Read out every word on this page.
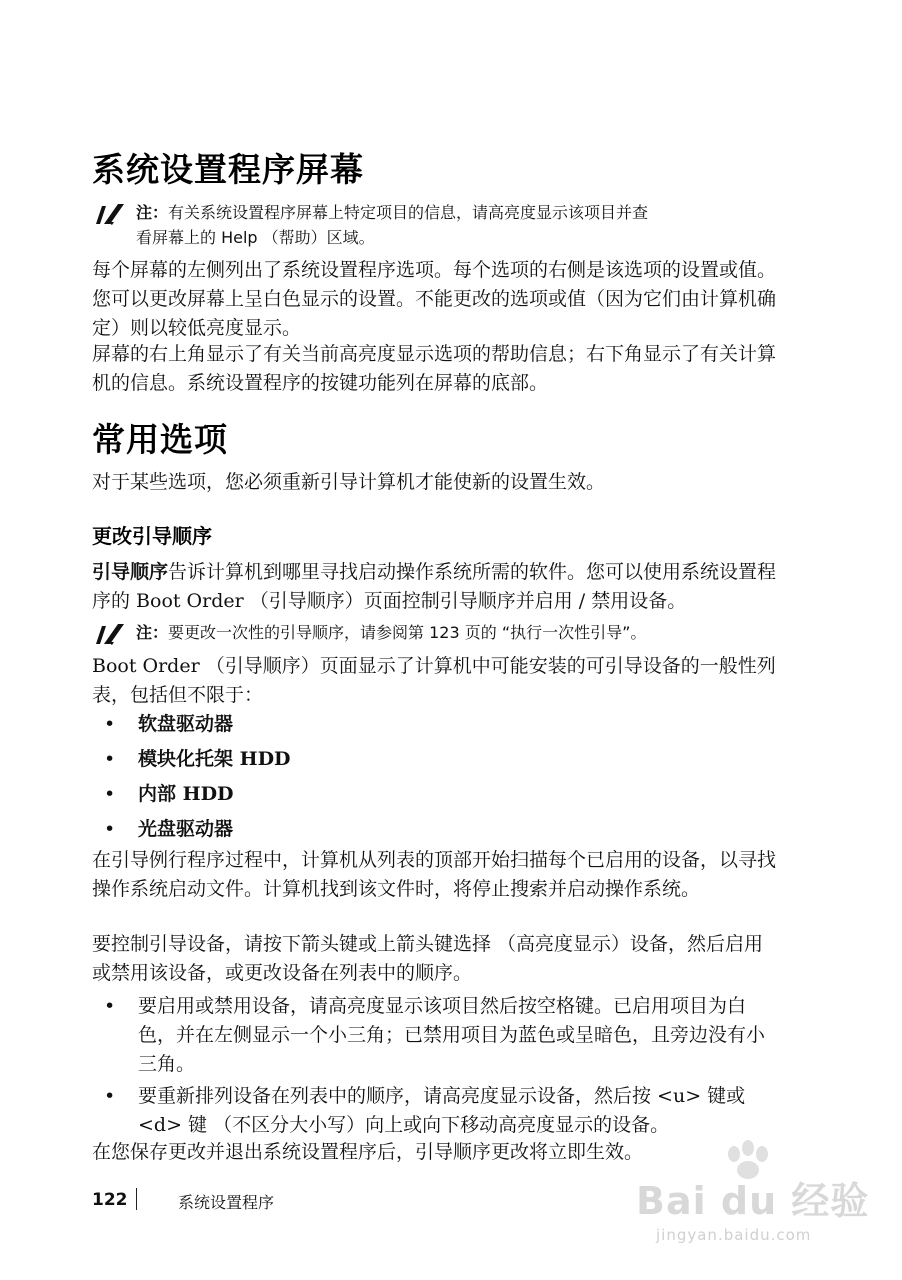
系统设置程序屏幕
注：有关系统设置程序屏幕上特定项目的信息，请高亮度显示该项目并查
看屏幕上的 Help （帮助）区域。

每个屏幕的左侧列出了系统设置程序选项。每个选项的右侧是该选项的设置或值。您可以更改屏幕上呈白色显示的设置。不能更改的选项或值（因为它们由计算机确定）则以较低亮度显示。

屏幕的右上角显示了有关当前高亮度显示选项的帮助信息；右下角显示了有关计算机的信息。系统设置程序的按键功能列在屏幕的底部。

常用选项

对于某些选项，您必须重新引导计算机才能使新的设置生效。

更改引导顺序

引导顺序告诉计算机到哪里寻找启动操作系统所需的软件。您可以使用系统设置程序的 Boot Order （引导顺序）页面控制引导顺序并启用 / 禁用设备。

注：要更改一次性的引导顺序，请参阅第 123 页的 “执行一次性引导”。

Boot Order （引导顺序）页面显示了计算机中可能安装的可引导设备的一般性列表，包括但不限于：

• 软盘驱动器
• 模块化托架 HDD
• 内部 HDD
• 光盘驱动器

在引导例行程序过程中，计算机从列表的顶部开始扫描每个已启用的设备，以寻找操作系统启动文件。计算机找到该文件时，将停止搜索并启动操作系统。

要控制引导设备，请按下箭头键或上箭头键选择 （高亮度显示）设备，然后启用或禁用该设备，或更改设备在列表中的顺序。

• 要启用或禁用设备，请高亮度显示该项目然后按空格键。已启用项目为白色，并在左侧显示一个小三角；已禁用项目为蓝色或呈暗色，且旁边没有小三角。
• 要重新排列设备在列表中的顺序，请高亮度显示设备，然后按 <u> 键或 <d> 键 （不区分大小写）向上或向下移动高亮度显示的设备。

在您保存更改并退出系统设置程序后，引导顺序更改将立即生效。

122	系统设置程序	Bai du 经验
jingyan.baidu.com
